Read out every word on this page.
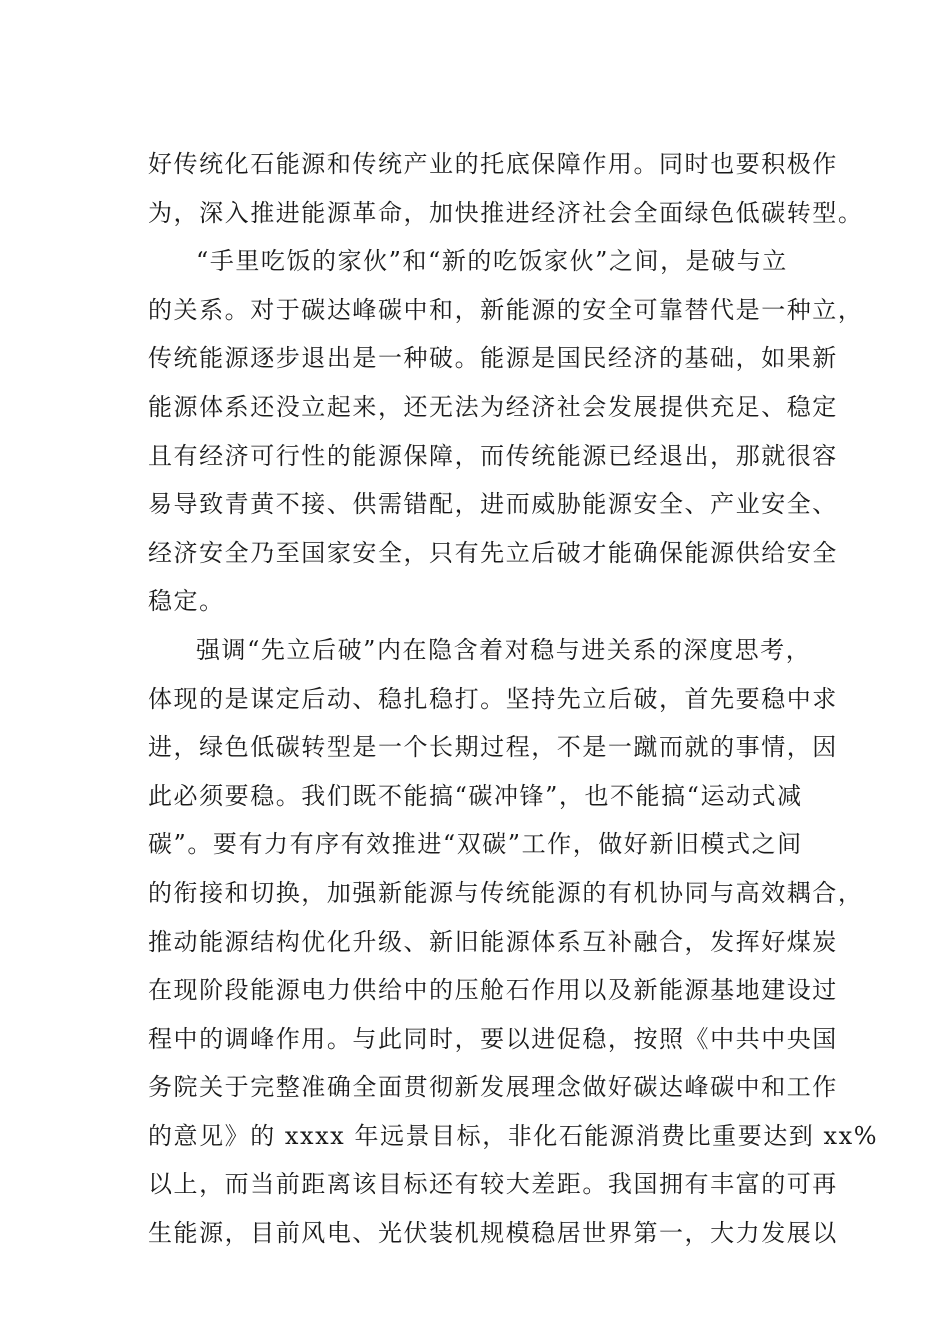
好传统化石能源和传统产业的托底保障作用。同时也要积极作
为，深入推进能源革命，加快推进经济社会全面绿色低碳转型。
“手里吃饭的家伙”和“新的吃饭家伙”之间，是破与立
的关系。对于碳达峰碳中和，新能源的安全可靠替代是一种立，
传统能源逐步退出是一种破。能源是国民经济的基础，如果新
能源体系还没立起来，还无法为经济社会发展提供充足、稳定
且有经济可行性的能源保障，而传统能源已经退出，那就很容
易导致青黄不接、供需错配，进而威胁能源安全、产业安全、
经济安全乃至国家安全，只有先立后破才能确保能源供给安全
稳定。
强调“先立后破”内在隐含着对稳与进关系的深度思考，
体现的是谋定后动、稳扎稳打。坚持先立后破，首先要稳中求
进，绿色低碳转型是一个长期过程，不是一蹴而就的事情，因
此必须要稳。我们既不能搞“碳冲锋”，也不能搞“运动式减
碳”。要有力有序有效推进“双碳”工作，做好新旧模式之间
的衔接和切换，加强新能源与传统能源的有机协同与高效耦合，
推动能源结构优化升级、新旧能源体系互补融合，发挥好煤炭
在现阶段能源电力供给中的压舱石作用以及新能源基地建设过
程中的调峰作用。与此同时，要以进促稳，按照《中共中央国
务院关于完整准确全面贯彻新发展理念做好碳达峰碳中和工作
的意见》的 xxxx 年远景目标，非化石能源消费比重要达到 xx%
以上，而当前距离该目标还有较大差距。我国拥有丰富的可再
生能源，目前风电、光伏装机规模稳居世界第一，大力发展以
